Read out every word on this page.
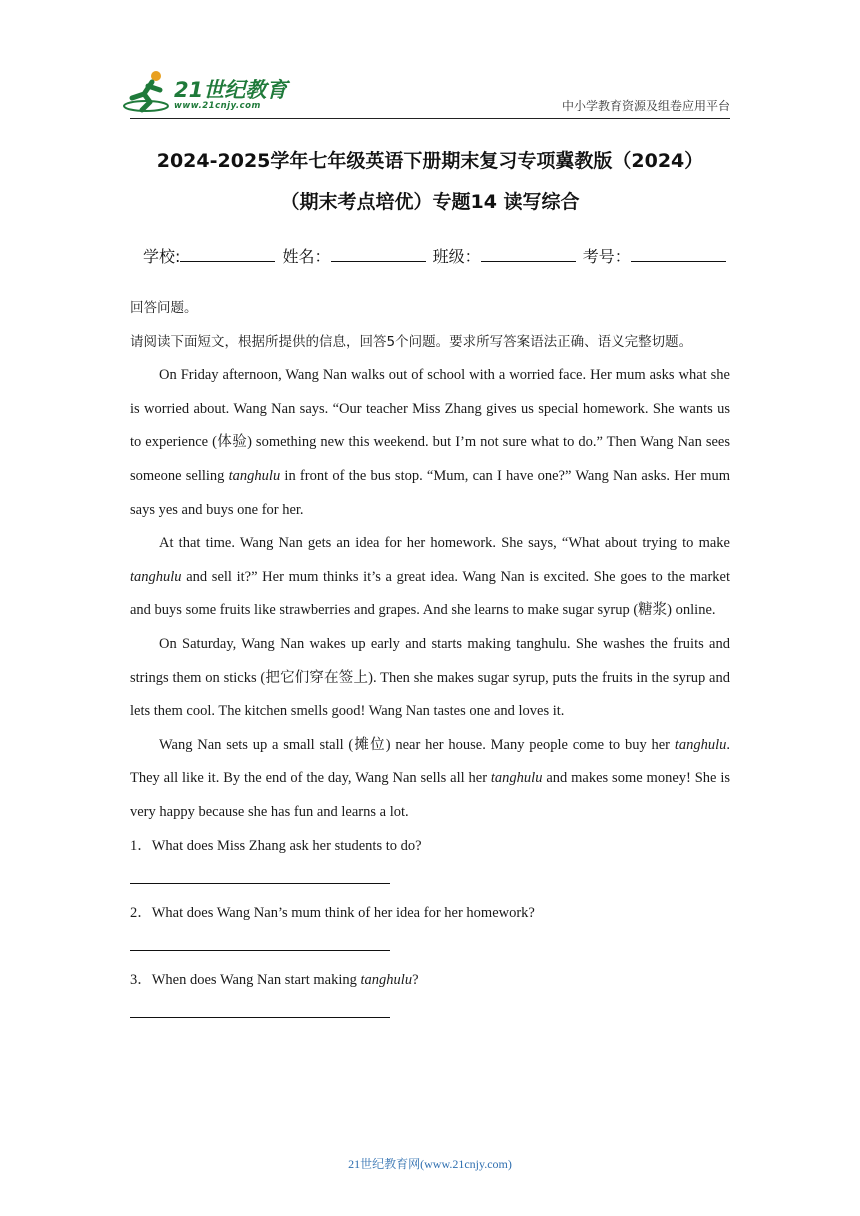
21世纪教育
www.21cnjy.com	中小学教育资源及组卷应用平台
2024-2025学年七年级英语下册期末复习专项冀教版（2024）
（期末考点培优）专题14 读写综合
学校:	姓名：	班级：	考号：

回答问题。

请阅读下面短文，根据所提供的信息，回答5个问题。要求所写答案语法正确、语义完整切题。

On Friday afternoon, Wang Nan walks out of school with a worried face. Her mum asks what she is worried about. Wang Nan says. “Our teacher Miss Zhang gives us special homework. She wants us to experience (体验) something new this weekend. but I’m not sure what to do.” Then Wang Nan sees someone selling tanghulu in front of the bus stop. “Mum, can I have one?” Wang Nan asks. Her mum says yes and buys one for her.

At that time. Wang Nan gets an idea for her homework. She says, “What about trying to make tanghulu and sell it?” Her mum thinks it’s a great idea. Wang Nan is excited. She goes to the market and buys some fruits like strawberries and grapes. And she learns to make sugar syrup (糖浆) online.

On Saturday, Wang Nan wakes up early and starts making tanghulu. She washes the fruits and strings them on sticks (把它们穿在签上). Then she makes sugar syrup, puts the fruits in the syrup and lets them cool. The kitchen smells good! Wang Nan tastes one and loves it.

Wang Nan sets up a small stall (摊位) near her house. Many people come to buy her tanghulu. They all like it. By the end of the day, Wang Nan sells all her tanghulu and makes some money! She is very happy because she has fun and learns a lot.

1．What does Miss Zhang ask her students to do?

2．What does Wang Nan’s mum think of her idea for her homework?

3．When does Wang Nan start making tanghulu?

21世纪教育网(www.21cnjy.com)
